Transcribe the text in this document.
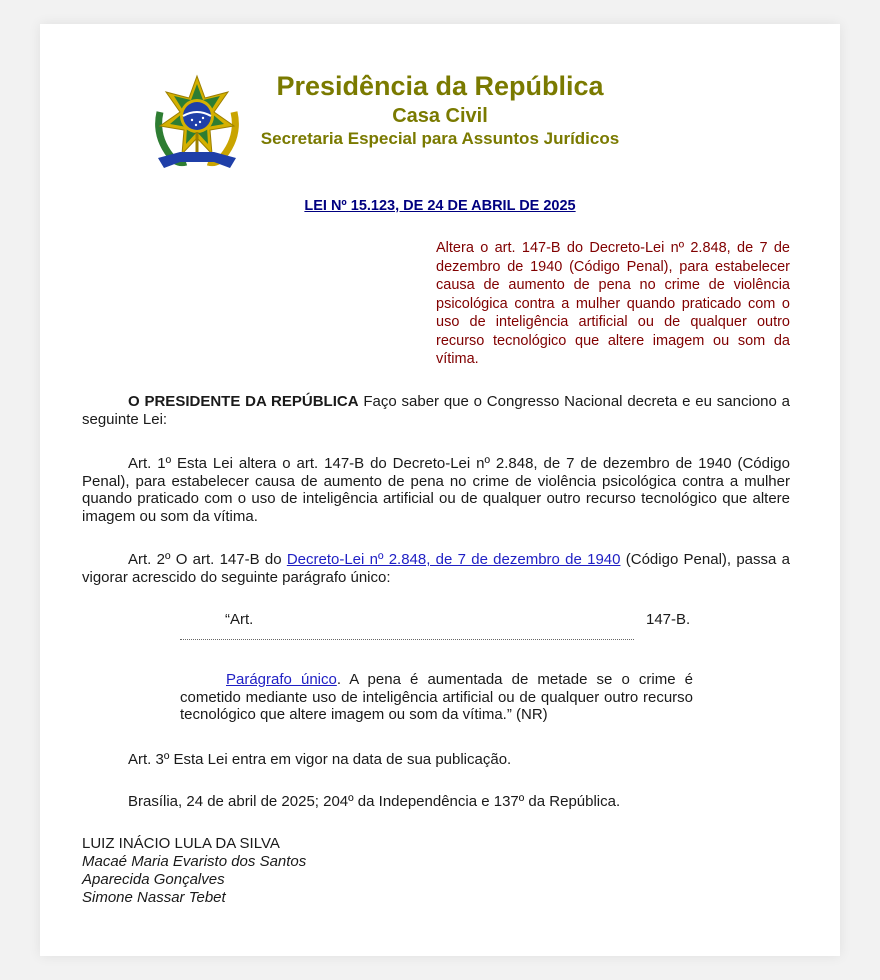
Presidência da República
Casa Civil
Secretaria Especial para Assuntos Jurídicos
LEI Nº 15.123, DE 24 DE ABRIL DE 2025
Altera o art. 147-B do Decreto-Lei nº 2.848, de 7 de dezembro de 1940 (Código Penal), para estabelecer causa de aumento de pena no crime de violência psicológica contra a mulher quando praticado com o uso de inteligência artificial ou de qualquer outro recurso tecnológico que altere imagem ou som da vítima.
O PRESIDENTE DA REPÚBLICA Faço saber que o Congresso Nacional decreta e eu sanciono a seguinte Lei:
Art. 1º Esta Lei altera o art. 147-B do Decreto-Lei nº 2.848, de 7 de dezembro de 1940 (Código Penal), para estabelecer causa de aumento de pena no crime de violência psicológica contra a mulher quando praticado com o uso de inteligência artificial ou de qualquer outro recurso tecnológico que altere imagem ou som da vítima.
Art. 2º O art. 147-B do Decreto-Lei nº 2.848, de 7 de dezembro de 1940 (Código Penal), passa a vigorar acrescido do seguinte parágrafo único:
“Art.	147-B.
Parágrafo único. A pena é aumentada de metade se o crime é cometido mediante uso de inteligência artificial ou de qualquer outro recurso tecnológico que altere imagem ou som da vítima.” (NR)
Art. 3º Esta Lei entra em vigor na data de sua publicação.
Brasília, 24 de abril de 2025; 204º da Independência e 137º da República.
LUIZ INÁCIO LULA DA SILVA
Macaé Maria Evaristo dos Santos
Aparecida Gonçalves
Simone Nassar Tebet
